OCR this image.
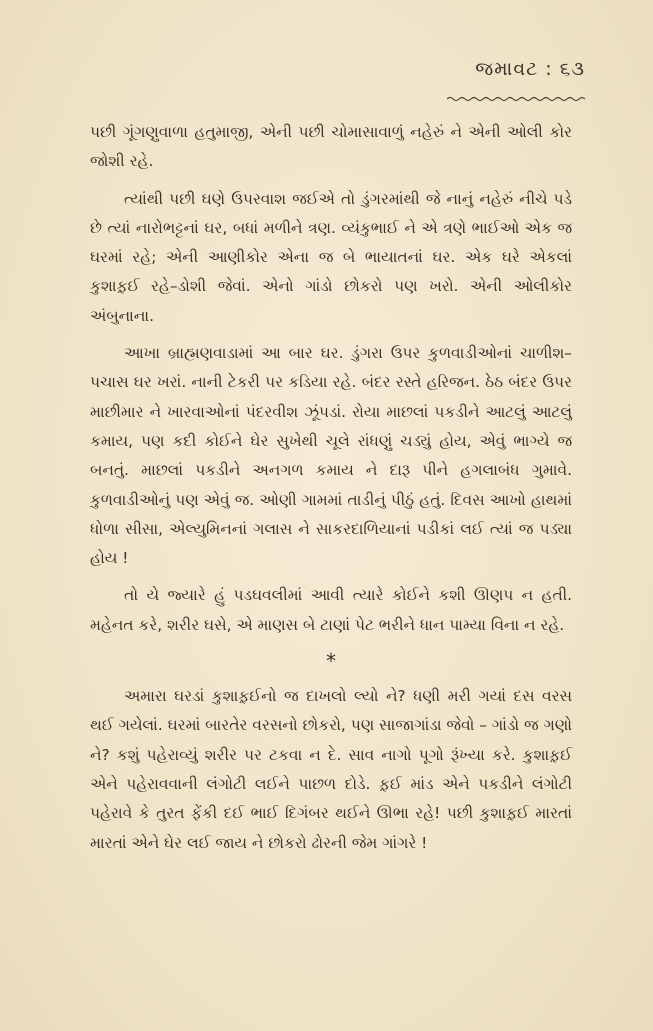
જમાવટ : ૬૩

પછી ગૂંગણુવાળા હતુમાજી, એની પછી ચોમાસાવાળું નહેરું ને એની ઓલી કોર જોશી રહે.

ત્યાંથી પછી ઘણે ઉપરવાશ જઈએ તો ડુંગરમાંથી જે નાનું નહેરું નીચે પડે છે ત્યાં નારોભટ્ટનાં ઘર, બધાં મળીને ત્રણ. વ્યંકુભાઈ ને એ ત્રણે ભાઈઓ એક જ ઘરમાં રહે; એની આણીકોર એના જ બે ભાયાતનાં ઘર. એક ઘરે એકલાં કુશાફ઼ઈ રહે–ડોશી જેવાં. એનો ગાંડો છોકરો પણ ખરો. એની ઓલીકોર અંબુનાના.

આખા બ્રાહ્મણવાડામાં આ બાર ઘર. ડુંગરા ઉપર કુળવાડીઓનાં ચાળીશ–પચાસ ઘર ખરાં. નાની ટેકરી પર કડિયા રહે. બંદર રસ્તે હરિજન. ઠેઠ બંદર ઉપર માછીમાર ને ખારવાઓનાં પંદરવીશ ઝૂંપડાં. રોયા માછલાં પકડીને આટલું આટલું કમાય, પણ કદી કોઈને ઘેર સુખેથી ચૂલે રાંધણું ચડ્યું હોય, એવું ભાગ્યે જ બનતું. માછલાં પકડીને અનગળ કમાય ને દારૂ પીને હગલાબંધ ગુમાવે. કુળવાડીઓનું પણ એવું જ. ઓણી ગામમાં તાડીનું પીઠું હતું. દિવસ આખો હાથમાં ધોળા સીસા, એલ્યુમિનનાં ગલાસ ને સાકરદાળિયાનાં પડીકાં લઈ ત્યાં જ પડ્યા હોય !

તો યે જ્યારે હું પડઘવલીમાં આવી ત્યારે કોઈને કશી ઊણપ ન હતી. મહેનત કરે, શરીર ઘસે, એ માણસ બે ટાણાં પેટ ભરીને ધાન પામ્યા વિના ન રહે.

*

અમારા ઘરડાં કુશાફ઼ઈનો જ દાખલો લ્યો ને? ધણી મરી ગયાં દસ વરસ થઈ ગયેલાં. ઘરમાં બારતેર વરસનો છોકરો, પણ સાજાગાંડા જેવો – ગાંડો જ ગણો ને? કશું પહેરાવ્યું શરીર પર ટકવા ન દે. સાવ નાગો પૂગો રૂંખ્યા કરે. કુશાફ઼ઈ એને પહેરાવવાની લંગોટી લઈને પાછળ દોડે. ફ઼ઈ માંડ એને પકડીને લંગોટી પહેરાવે કે તુરત ફેંકી દઈ ભાઈ દિગંબર થઈને ઊભા રહે! પછી કુશાફ઼ઈ મારતાં મારતાં એને ઘેર લઈ જાય ને છોકરો ઢોરની જેમ ગાંગરે !
